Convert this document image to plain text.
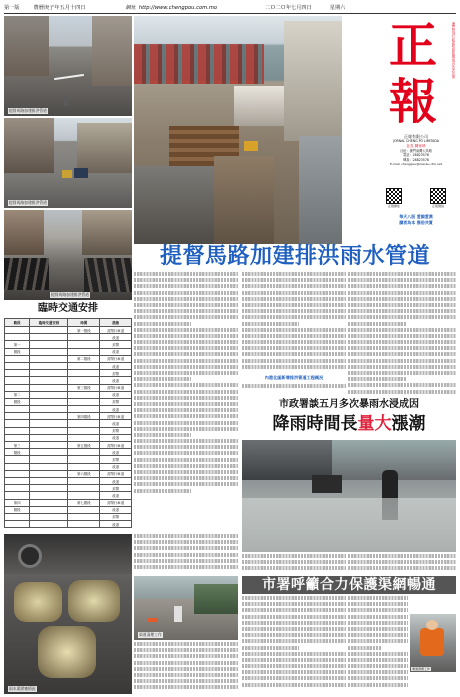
第一版	農曆庚子年五月十四日	網址 http://www.chengpou.com.mo	二Ｏ二Ｏ年七月四日	星期六
提督馬路加建排洪管道
提督馬路加建排洪管道
提督馬路加建排洪管道
澳門特別行政區政府新聞局登記 第23號
正
報
正報有限公司
JORNAL CHENG PO LIMITADA
社長 陳家珍
社址：澳門南灣大馬路
電話：28823578
傳真：28823578
E-mail: chengpou@macau.ctm.net
正報網址	正報微信
每天八版 愛國愛澳
讀者為本 雅俗共賞
提督馬路加建排洪雨水管道
臨時交通安排
路段	臨時交通安排	時間	措施
		第一階段	封閉行車道
			改道
第一			封閉
階段			改道
		第二階段	封閉行車道
			改道
			封閉
			改道
		第三階段	封閉行車道
第二			改道
階段			封閉
			改道
		第四階段	封閉行車道
			改道
			封閉
			改道
第三		第五階段	封閉行車道
階段			改道
			封閉
			改道
		第六階段	封閉行車道
			改道
			封閉
			改道
第四		第七階段	封閉行車道
階段			改道
			封閉
			改道
內港北區新增排洪管道工程概況
市政署談五月多次暴雨水浸成因
降雨時間長量大漲潮
雨水渠淤塞情況
渠道清理工作
市署呼籲合力保護渠網暢通
渠道清理工作
